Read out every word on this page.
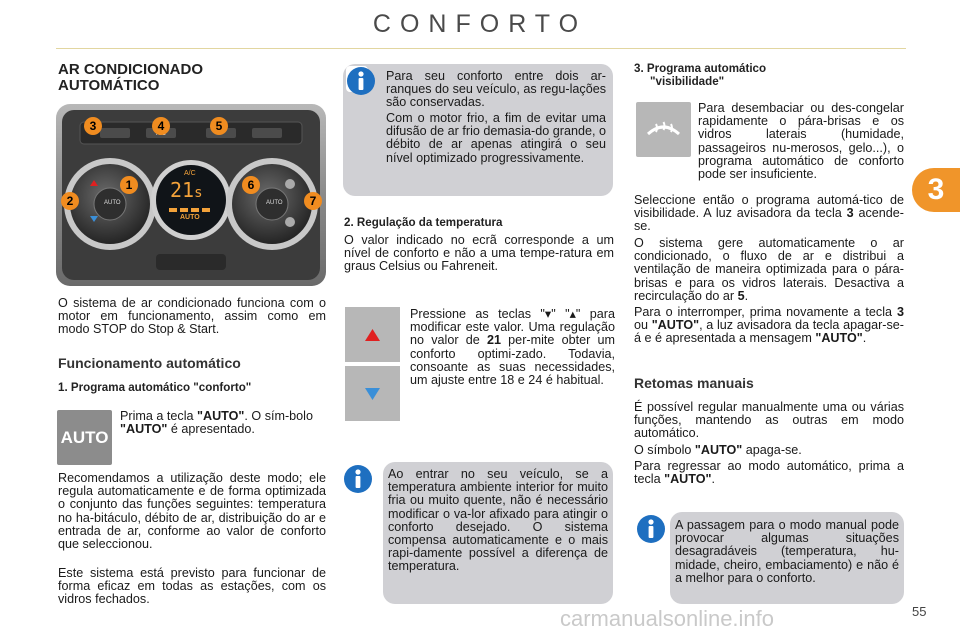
CONFORTO
3
55
carmanualsonline.info
AR CONDICIONADO
AUTOMÁTICO
AUTO	AUTO
A/C
21s
AUTO
3	4	5
1
2
6
7

O sistema de ar condicionado funciona com o motor em funcionamento, assim como em modo STOP do Stop & Start.

Funcionamento automático
1. Programa automático "conforto"
AUTO

Prima a tecla "AUTO". O sím-bolo "AUTO" é apresentado.

Recomendamos a utilização deste modo; ele regula automaticamente e de forma optimizada o conjunto das funções seguintes: temperatura no ha-bitáculo, débito de ar, distribuição do ar e entrada de ar, conforme ao valor de conforto que seleccionou.

Este sistema está previsto para funcionar de forma eficaz em todas as estações, com os vidros fechados.

Para seu conforto entre dois ar-ranques do seu veículo, as regu-lações são conservadas.

Com o motor frio, a fim de evitar uma difusão de ar frio demasia-do grande, o débito de ar apenas atingirá o seu nível optimizado progressivamente.

2. Regulação da temperatura

O valor indicado no ecrã corresponde a um nível de conforto e não a uma tempe-ratura em graus Celsius ou Fahreneit.

Pressione as teclas "▾" "▴" para modificar este valor. Uma regulação no valor de 21 per-mite obter um conforto optimi-zado. Todavia, consoante as suas necessidades, um ajuste entre 18 e 24 é habitual.

Ao entrar no seu veículo, se a temperatura ambiente interior for muito fria ou muito quente, não é necessário modificar o va-lor afixado para atingir o conforto desejado. O sistema compensa automaticamente e o mais rapi-damente possível a diferença de temperatura.

3. Programa automático
"visibilidade"

Para desembaciar ou des-congelar rapidamente o pára-brisas e os vidros laterais (humidade, passageiros nu-merosos, gelo...), o programa automático de conforto pode ser insuficiente.

Seleccione então o programa automá-tico de visibilidade. A luz avisadora da tecla 3 acende-se.

O sistema gere automaticamente o ar condicionado, o fluxo de ar e distribui a ventilação de maneira optimizada para o pára-brisas e para os vidros laterais. Desactiva a recirculação do ar 5.

Para o interromper, prima novamente a tecla 3 ou "AUTO", a luz avisadora da tecla apagar-se-á e é apresentada a mensagem "AUTO".

Retomas manuais

É possível regular manualmente uma ou várias funções, mantendo as outras em modo automático.

O símbolo "AUTO" apaga-se.

Para regressar ao modo automático, prima a tecla "AUTO".

A passagem para o modo manual pode provocar algumas situações desagradáveis (temperatura, hu-midade, cheiro, embaciamento) e não é a melhor para o conforto.
